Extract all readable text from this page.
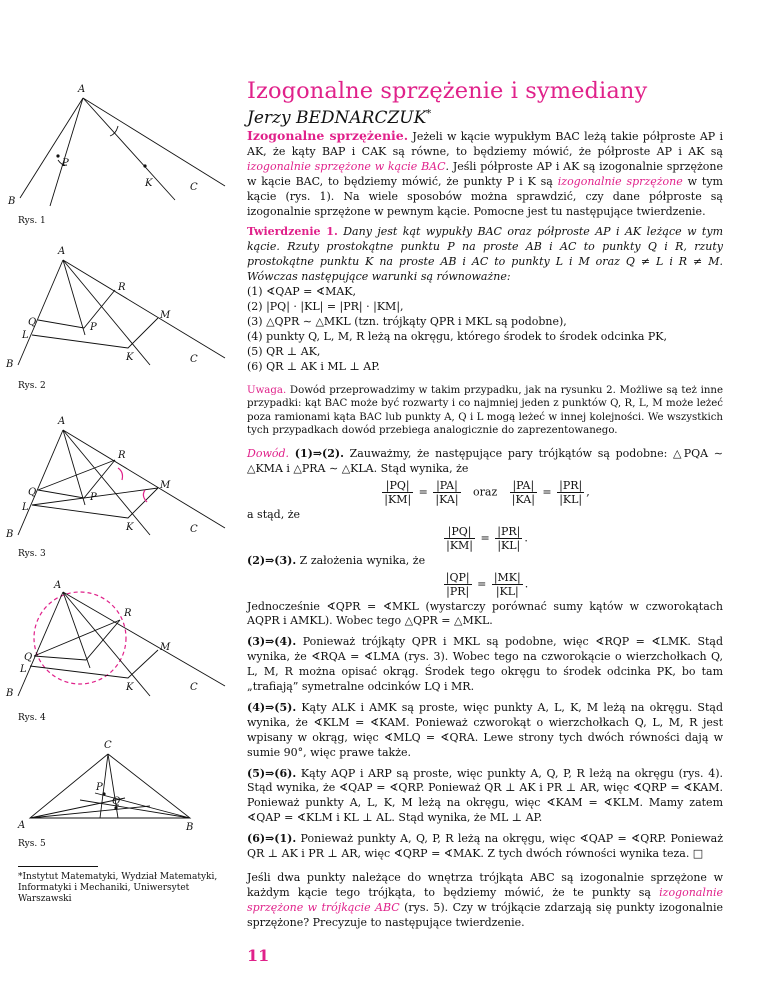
Izogonalne sprzężenie i symediany
Jerzy BEDNARCZUK*

Izogonalne sprzężenie. Jeżeli w kącie wypukłym BAC leżą takie półproste AP i AK, że kąty BAP i CAK są równe, to będziemy mówić, że półproste AP i AK są izogonalnie sprzężone w kącie BAC. Jeśli półproste AP i AK są izogonalnie sprzężone w kącie BAC, to będziemy mówić, że punkty P i K są izogonalnie sprzężone w tym kącie (rys. 1). Na wiele sposobów można sprawdzić, czy dane półproste są izogonalnie sprzężone w pewnym kącie. Pomocne jest tu następujące twierdzenie.

Twierdzenie 1. Dany jest kąt wypukły BAC oraz półproste AP i AK leżące w tym kącie. Rzuty prostokątne punktu P na proste AB i AC to punkty Q i R, rzuty prostokątne punktu K na proste AB i AC to punkty L i M oraz Q ≠ L i R ≠ M. Wówczas następujące warunki są równoważne:

(1) ∢QAP = ∢MAK,

(2) |PQ| · |KL| = |PR| · |KM|,

(3) △QPR ∼ △MKL (tzn. trójkąty QPR i MKL są podobne),

(4) punkty Q, L, M, R leżą na okręgu, którego środek to środek odcinka PK,

(5) QR ⊥ AK,

(6) QR ⊥ AK i ML ⊥ AP.

Uwaga. Dowód przeprowadzimy w takim przypadku, jak na rysunku 2. Możliwe są też inne przypadki: kąt BAC może być rozwarty i co najmniej jeden z punktów Q, R, L, M może leżeć poza ramionami kąta BAC lub punkty A, Q i L mogą leżeć w innej kolejności. We wszystkich tych przypadkach dowód przebiega analogicznie do zaprezentowanego.

Dowód. (1)⇒(2). Zauważmy, że następujące pary trójkątów są podobne: △PQA ∼ △KMA i △PRA ∼ △KLA. Stąd wynika, że

$\frac{|PQ|}{|KM|} = \frac{|PA|}{|KA|}$ oraz $\frac{|PA|}{|KA|} = \frac{|PR|}{|KL|}$ ,

a stąd, że

$\frac{|PQ|}{|KM|} = \frac{|PR|}{|KL|}$ .

(2)⇒(3). Z założenia wynika, że

$\frac{|QP|}{|PR|} = \frac{|MK|}{|KL|}$ .

Jednocześnie ∢QPR = ∢MKL (wystarczy porównać sumy kątów w czworokątach AQPR i AMKL). Wobec tego △QPR = △MKL.

(3)⇒(4). Ponieważ trójkąty QPR i MKL są podobne, więc ∢RQP = ∢LMK. Stąd wynika, że ∢RQA = ∢LMA (rys. 3). Wobec tego na czworokącie o wierzchołkach Q, L, M, R można opisać okrąg. Środek tego okręgu to środek odcinka PK, bo tam „trafiają” symetralne odcinków LQ i MR.

(4)⇒(5). Kąty ALK i AMK są proste, więc punkty A, L, K, M leżą na okręgu. Stąd wynika, że ∢KLM = ∢KAM. Ponieważ czworokąt o wierzchołkach Q, L, M, R jest wpisany w okrąg, więc ∢MLQ = ∢QRA. Lewe strony tych dwóch równości dają w sumie 90°, więc prawe także.

(5)⇒(6). Kąty AQP i ARP są proste, więc punkty A, Q, P, R leżą na okręgu (rys. 4). Stąd wynika, że ∢QAP = ∢QRP. Ponieważ QR ⊥ AK i PR ⊥ AR, więc ∢QRP = ∢KAM. Ponieważ punkty A, L, K, M leżą na okręgu, więc ∢KAM = ∢KLM. Mamy zatem ∢QAP = ∢KLM i KL ⊥ AL. Stąd wynika, że ML ⊥ AP.

(6)⇒(1). Ponieważ punkty A, Q, P, R leżą na okręgu, więc ∢QAP = ∢QRP. Ponieważ QR ⊥ AK i PR ⊥ AR, więc ∢QRP = ∢MAK. Z tych dwóch równości wynika teza. □

Jeśli dwa punkty należące do wnętrza trójkąta ABC są izogonalnie sprzężone w każdym kącie tego trójkąta, to będziemy mówić, że te punkty są izogonalnie sprzężone w trójkącie ABC (rys. 5). Czy w trójkącie zdarzają się punkty izogonalnie sprzężone? Precyzuje to następujące twierdzenie.

A
B
C
P
K
Rys. 1
A
B	C
P
K
Q
R
L
M
Rys. 2
A
B	C
P
K
Q
R
L
M
Rys. 3
A
B
C
K
Q
R
L
M
Rys. 4
C
A	B
P
Q
Rys. 5
*Instytut Matematyki, Wydział Matematyki, Informatyki i Mechaniki, Uniwersytet Warszawski
11
